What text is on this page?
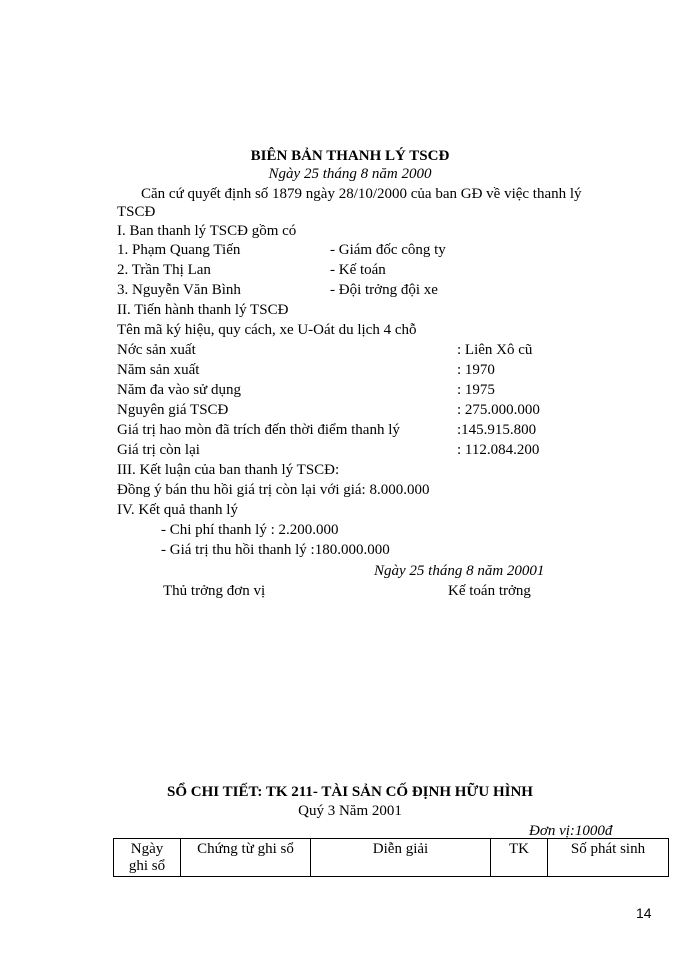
BIÊN BẢN THANH LÝ TSCĐ
Ngày 25 tháng 8 năm 2000
Căn cứ quyết định số 1879 ngày 28/10/2000 của ban GĐ về việc thanh lý
TSCĐ
I. Ban thanh lý TSCĐ gồm có
1. Phạm Quang Tiến	- Giám đốc công ty
2. Trần Thị Lan	- Kế toán
3. Nguyễn Văn Bình	- Đội trởng đội xe
II. Tiến hành thanh lý TSCĐ
Tên mã ký hiệu, quy cách, xe U-Oát du lịch 4 chỗ
Nớc sản xuất	: Liên Xô cũ
Năm sản xuất	: 1970
Năm đa vào sử dụng	: 1975
Nguyên giá TSCĐ	: 275.000.000
Giá trị hao mòn đã trích đến thời điểm thanh lý	:145.915.800
Giá trị còn lại	: 112.084.200
III. Kết luận của ban thanh lý TSCĐ:
Đồng ý bán thu hồi giá trị còn lại với giá: 8.000.000
IV. Kết quả thanh lý
- Chi phí thanh lý : 2.200.000
- Giá trị thu hồi thanh lý :180.000.000
Ngày 25 tháng 8 năm 20001
Thủ trởng đơn vị	Kế toán trởng
SỔ CHI TIẾT: TK 211- TÀI SẢN CỐ ĐỊNH HỮU HÌNH
Quý 3 Năm 2001
Đơn vị:1000đ
Ngày
ghi sổ	Chứng từ ghi sổ	Diễn giải	TK	Số phát sinh
14
